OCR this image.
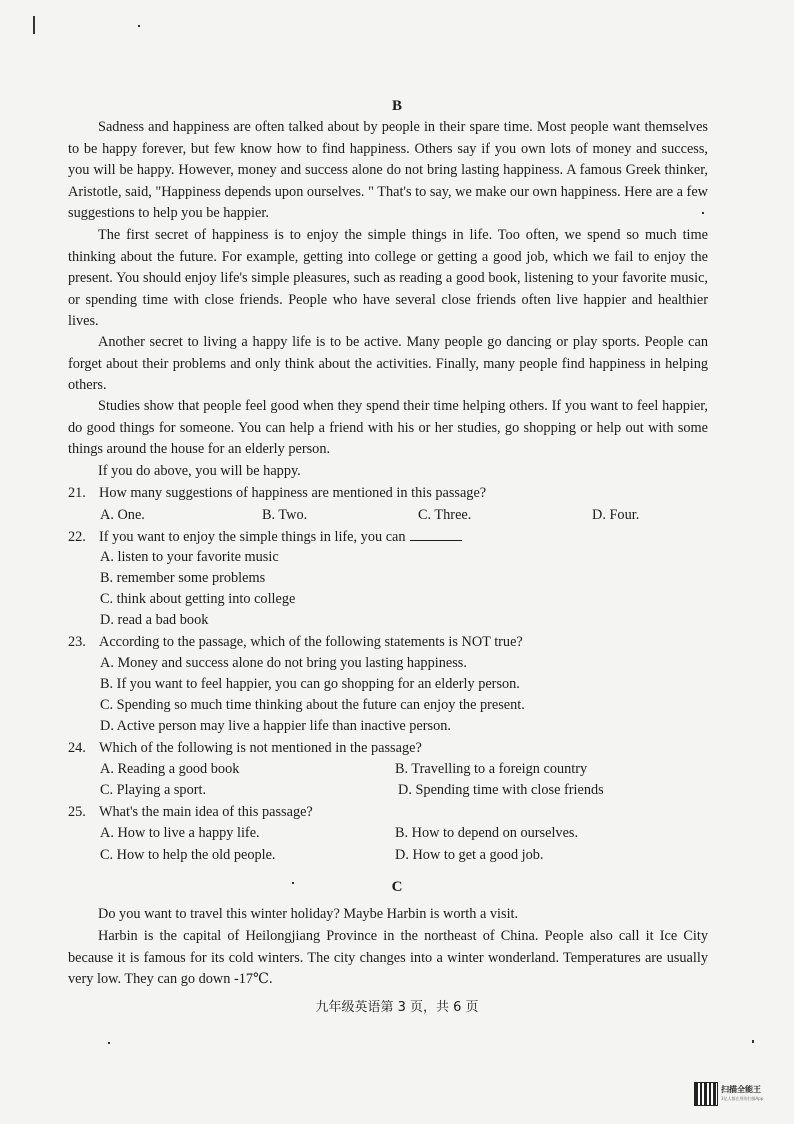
B

Sadness and happiness are often talked about by people in their spare time. Most people want themselves to be happy forever, but few know how to find happiness. Others say if you own lots of money and success, you will be happy. However, money and success alone do not bring lasting happiness. A famous Greek thinker, Aristotle, said, "Happiness depends upon ourselves. " That's to say, we make our own happiness. Here are a few suggestions to help you be happier.

The first secret of happiness is to enjoy the simple things in life. Too often, we spend so much time thinking about the future. For example, getting into college or getting a good job, which we fail to enjoy the present. You should enjoy life's simple pleasures, such as reading a good book, listening to your favorite music, or spending time with close friends. People who have several close friends often live happier and healthier lives.

Another secret to living a happy life is to be active. Many people go dancing or play sports. People can forget about their problems and only think about the activities. Finally, many people find happiness in helping others.

Studies show that people feel good when they spend their time helping others. If you want to feel happier, do good things for someone. You can help a friend with his or her studies, go shopping or help out with some things around the house for an elderly person.

If you do above, you will be happy.

21. How many suggestions of happiness are mentioned in this passage?
A. One.	B. Two.	C. Three.	D. Four.
22. If you want to enjoy the simple things in life, you can
A. listen to your favorite music
B. remember some problems
C. think about getting into college
D. read a bad book
23. According to the passage, which of the following statements is NOT true?
A. Money and success alone do not bring you lasting happiness.
B. If you want to feel happier, you can go shopping for an elderly person.
C. Spending so much time thinking about the future can enjoy the present.
D. Active person may live a happier life than inactive person.
24. Which of the following is not mentioned in the passage?
A. Reading a good book	B. Travelling to a foreign country
C. Playing a sport.	D. Spending time with close friends
25. What's the main idea of this passage?
A. How to live a happy life.	B. How to depend on ourselves.
C. How to help the old people.	D. How to get a good job.
C

Do you want to travel this winter holiday? Maybe Harbin is worth a visit.

Harbin is the capital of Heilongjiang Province in the northeast of China. People also call it Ice City because it is famous for its cold winters. The city changes into a winter wonderland. Temperatures are usually very low. They can go down -17℃.

九年级英语第 3 页，共 6 页
扫描全能王
3亿人都在用的扫描App
